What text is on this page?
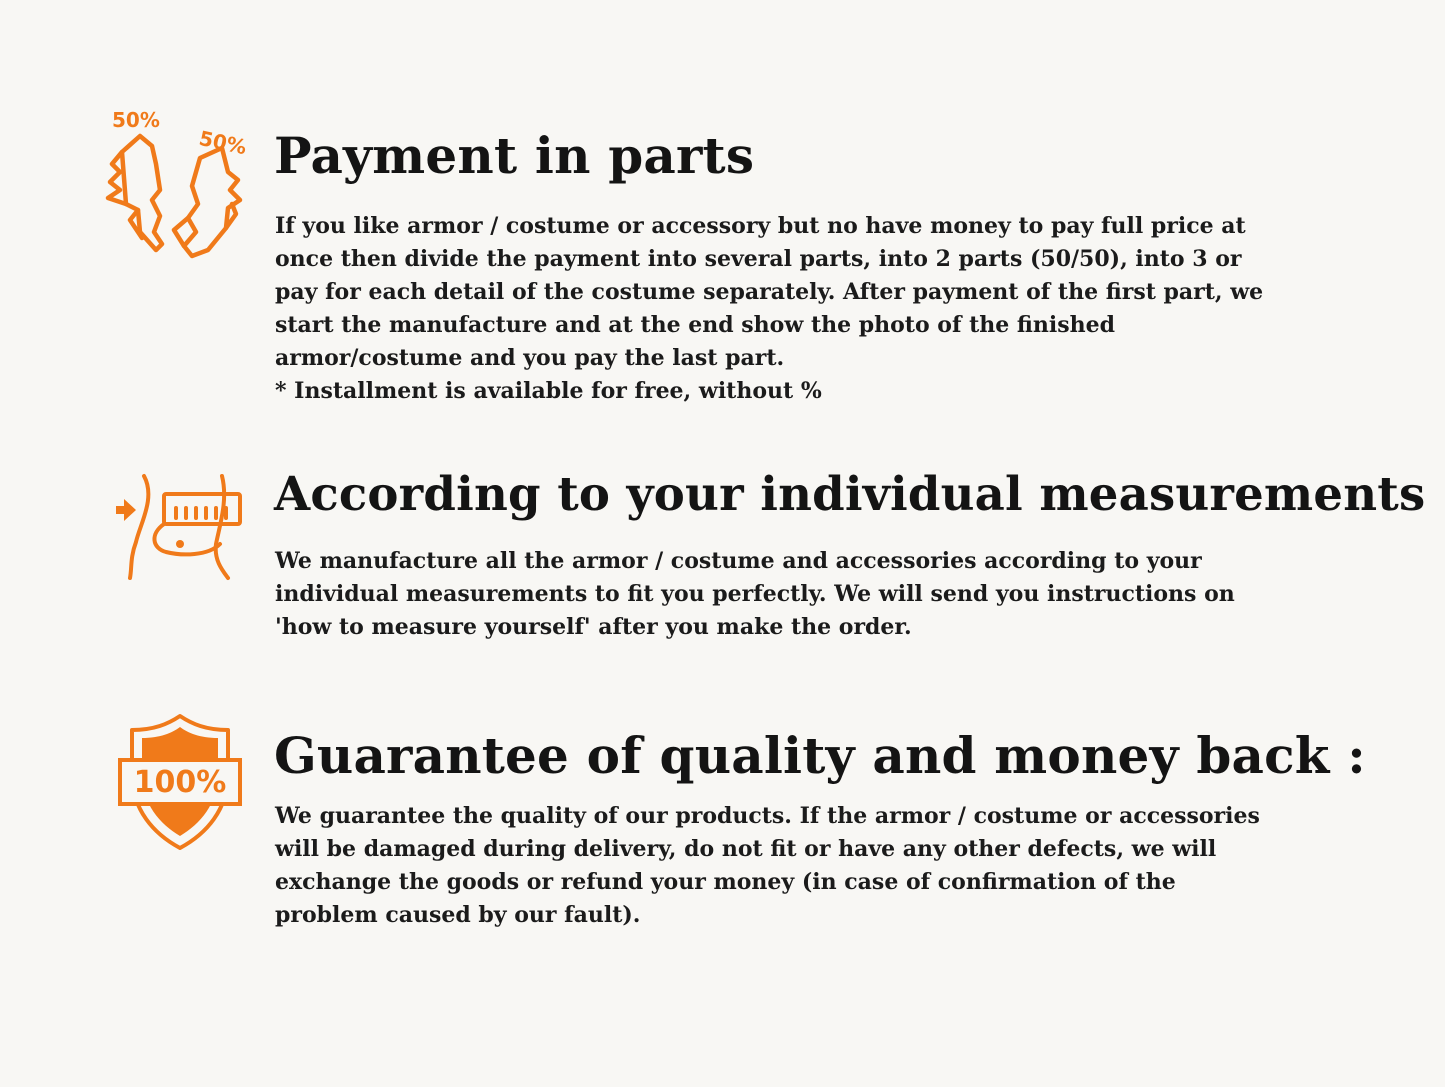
50%
50% Payment in parts

If you like armor / costume or accessory but no have money to pay full price at
once then divide the payment into several parts, into 2 parts (50/50), into 3 or
pay for each detail of the costume separately. After payment of the first part, we
start the manufacture and at the end show the photo of the finished
armor/costume and you pay the last part.
* Installment is available for free, without %

According to your individual measurements

We manufacture all the armor / costume and accessories according to your
individual measurements to fit you perfectly. We will send you instructions on
'how to measure yourself' after you make the order.

100% Guarantee of quality and money back :

We guarantee the quality of our products. If the armor / costume or accessories
will be damaged during delivery, do not fit or have any other defects, we will
exchange the goods or refund your money (in case of confirmation of the
problem caused by our fault).
